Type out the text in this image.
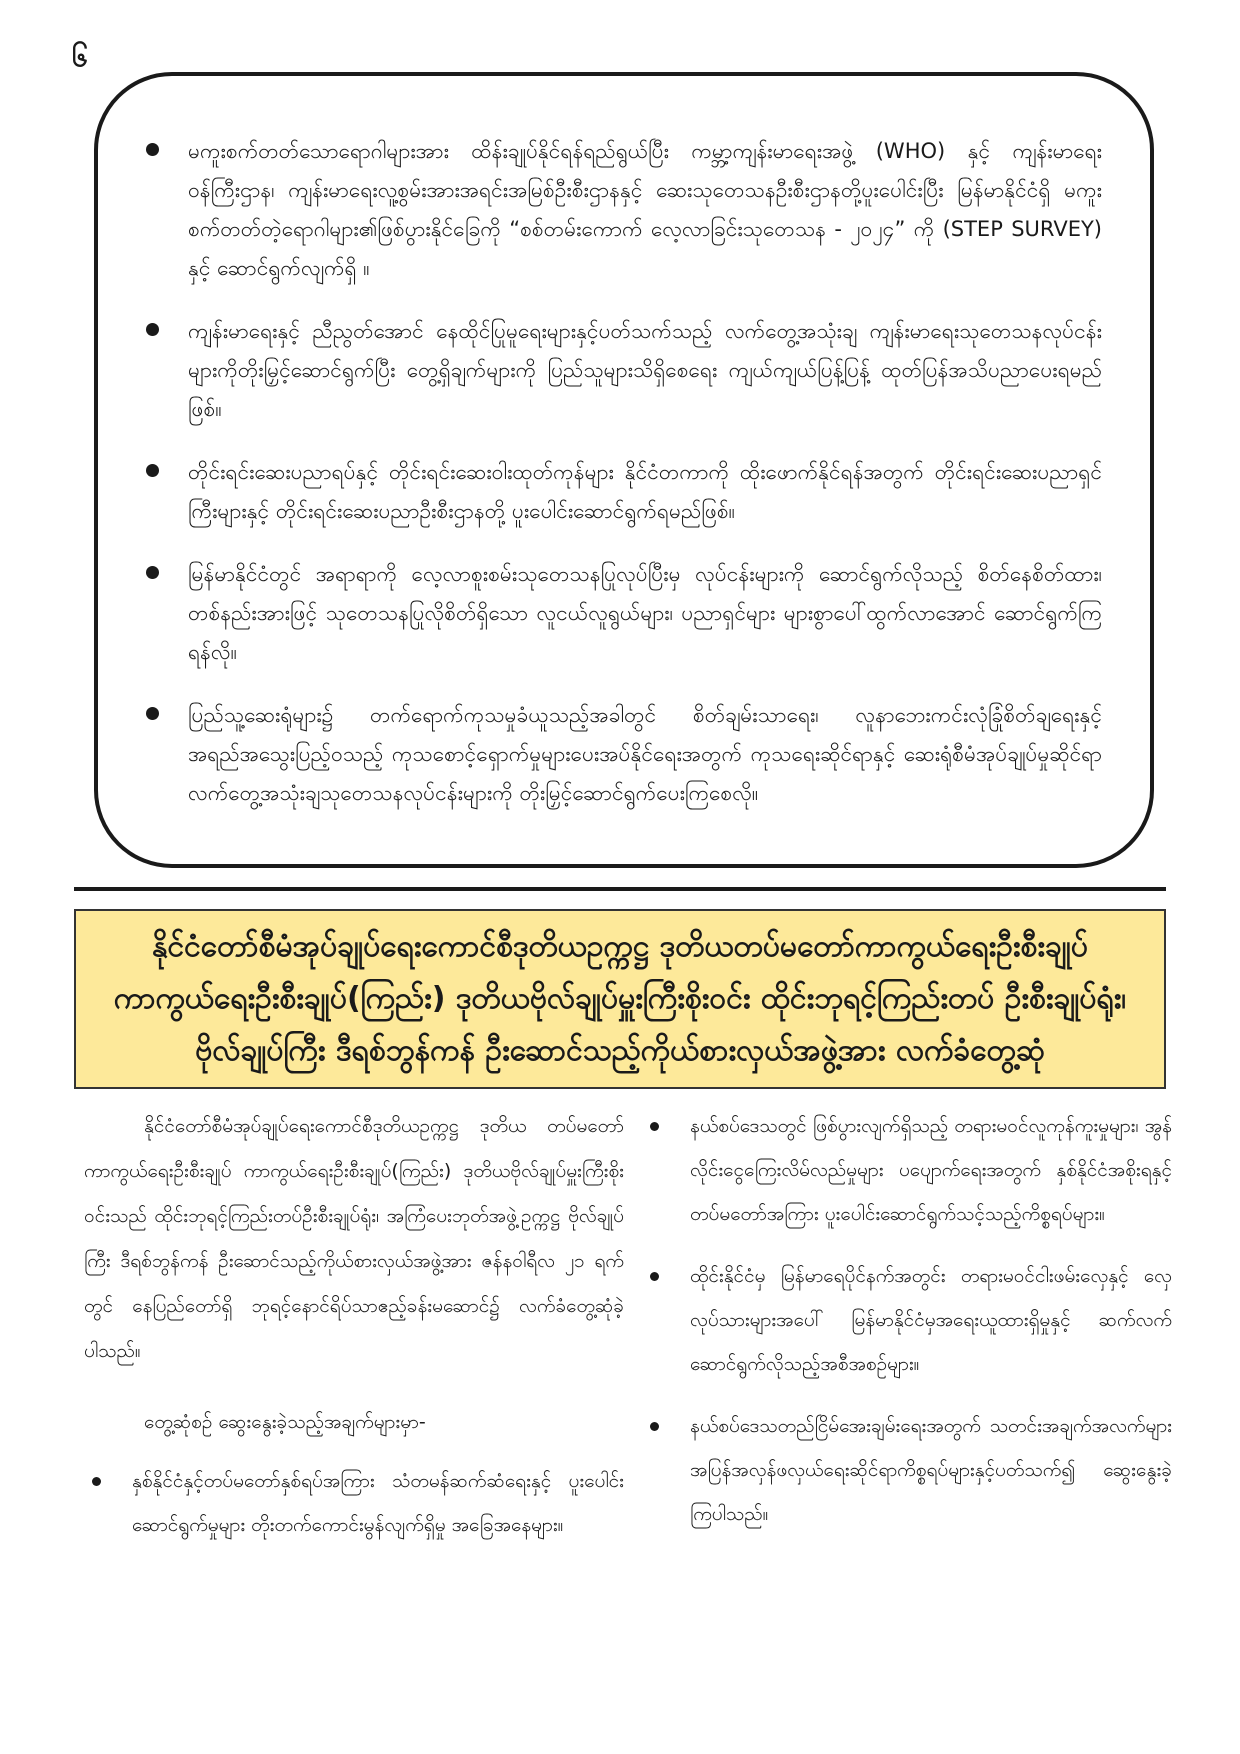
၆
မကူးစက်တတ်သောရောဂါများအား ထိန်းချုပ်နိုင်ရန်ရည်ရွယ်ပြီး ကမ္ဘာ့ကျန်းမာရေးအဖွဲ့ (WHO) နှင့် ကျန်းမာရေးဝန်ကြီးဌာန၊ ကျန်းမာရေးလူ့စွမ်းအားအရင်းအမြစ်ဦးစီးဌာနနှင့် ဆေးသုတေသနဦးစီးဌာနတို့ပူးပေါင်းပြီး မြန်မာနိုင်ငံရှိ မကူးစက်တတ်တဲ့ရောဂါများ၏ဖြစ်ပွားနိုင်ခြေကို “စစ်တမ်းကောက် လေ့လာခြင်းသုတေသန - ၂၀၂၄” ကို (STEP SURVEY) နှင့် ဆောင်ရွက်လျက်ရှိ ။
ကျန်းမာရေးနှင့် ညီညွတ်အောင် နေထိုင်ပြုမူရေးများနှင့်ပတ်သက်သည့် လက်တွေ့အသုံးချ ကျန်းမာရေးသုတေသနလုပ်ငန်းများကိုတိုးမြှင့်ဆောင်ရွက်ပြီး တွေ့ရှိချက်များကို ပြည်သူများသိရှိစေရေး ကျယ်ကျယ်ပြန့်ပြန့် ထုတ်ပြန်အသိပညာပေးရမည်ဖြစ်။
တိုင်းရင်းဆေးပညာရပ်နှင့် တိုင်းရင်းဆေးဝါးထုတ်ကုန်များ နိုင်ငံတကာကို ထိုးဖောက်နိုင်ရန်အတွက် တိုင်းရင်းဆေးပညာရှင်ကြီးများနှင့် တိုင်းရင်းဆေးပညာဦးစီးဌာနတို့ ပူးပေါင်းဆောင်ရွက်ရမည်ဖြစ်။
မြန်မာနိုင်ငံတွင် အရာရာကို လေ့လာစူးစမ်းသုတေသနပြုလုပ်ပြီးမှ လုပ်ငန်းများကို ဆောင်ရွက်လိုသည့် စိတ်နေစိတ်ထား၊ တစ်နည်းအားဖြင့် သုတေသနပြုလိုစိတ်ရှိသော လူငယ်လူရွယ်များ၊ ပညာရှင်များ များစွာပေါ်ထွက်လာအောင် ဆောင်ရွက်ကြရန်လို။
ပြည်သူ့ဆေးရုံများ၌ တက်ရောက်ကုသမှုခံယူသည့်အခါတွင် စိတ်ချမ်းသာရေး၊ လူနာဘေးကင်းလုံခြုံစိတ်ချရေးနှင့် အရည်အသွေးပြည့်ဝသည့် ကုသစောင့်ရှောက်မှုများပေးအပ်နိုင်ရေးအတွက် ကုသရေးဆိုင်ရာနှင့် ဆေးရုံစီမံအုပ်ချုပ်မှုဆိုင်ရာ လက်တွေ့အသုံးချသုတေသနလုပ်ငန်းများကို တိုးမြှင့်ဆောင်ရွက်ပေးကြစေလို။
နိုင်ငံတော်စီမံအုပ်ချုပ်ရေးကောင်စီဒုတိယဥက္ကဋ္ဌ ဒုတိယတပ်မတော်ကာကွယ်ရေးဦးစီးချုပ်
ကာကွယ်ရေးဦးစီးချုပ်(ကြည်း) ဒုတိယဗိုလ်ချုပ်မှူးကြီးစိုးဝင်း ထိုင်းဘုရင့်ကြည်းတပ် ဦးစီးချုပ်ရုံး၊
ဗိုလ်ချုပ်ကြီး ဒီရစ်ဘွန်ကန် ဦးဆောင်သည့်ကိုယ်စားလှယ်အဖွဲ့အား လက်ခံတွေ့ဆုံ

နိုင်ငံတော်စီမံအုပ်ချုပ်ရေးကောင်စီဒုတိယဥက္ကဋ္ဌ ဒုတိယ တပ်မတော်ကာကွယ်ရေးဦးစီးချုပ် ကာကွယ်ရေးဦးစီးချုပ်(ကြည်း) ဒုတိယဗိုလ်ချုပ်မှူးကြီးစိုးဝင်းသည် ထိုင်းဘုရင့်ကြည်းတပ်ဦးစီးချုပ်ရုံး၊ အကြံပေးဘုတ်အဖွဲ့ဥက္ကဋ္ဌ ဗိုလ်ချုပ်ကြီး ဒီရစ်ဘွန်ကန် ဦးဆောင်သည့်ကိုယ်စားလှယ်အဖွဲ့အား ဇန်နဝါရီလ ၂၁ ရက်တွင် နေပြည်တော်ရှိ ဘုရင့်နောင်ရိပ်သာဧည့်ခန်းမဆောင်၌ လက်ခံတွေ့ဆုံခဲ့ပါသည်။

တွေ့ဆုံစဉ် ဆွေးနွေးခဲ့သည့်အချက်များမှာ-

နှစ်နိုင်ငံနှင့်တပ်မတော်နှစ်ရပ်အကြား သံတမန်ဆက်ဆံရေးနှင့် ပူးပေါင်းဆောင်ရွက်မှုများ တိုးတက်ကောင်းမွန်လျက်ရှိမှု အခြေအနေများ။
နယ်စပ်ဒေသတွင် ဖြစ်ပွားလျက်ရှိသည့် တရားမဝင်လူကုန်ကူးမှုများ၊ အွန်လိုင်းငွေကြေးလိမ်လည်မှုများ ပပျောက်ရေးအတွက် နှစ်နိုင်ငံအစိုးရနှင့် တပ်မတော်အကြား ပူးပေါင်းဆောင်ရွက်သင့်သည့်ကိစ္စရပ်များ။
ထိုင်းနိုင်ငံမှ မြန်မာရေပိုင်နက်အတွင်း တရားမဝင်ငါးဖမ်းလှေနှင့် လှေလုပ်သားများအပေါ် မြန်မာနိုင်ငံမှအရေးယူထားရှိမှုနှင့် ဆက်လက်ဆောင်ရွက်လိုသည့်အစီအစဉ်များ။
နယ်စပ်ဒေသတည်ငြိမ်အေးချမ်းရေးအတွက် သတင်းအချက်အလက်များ အပြန်အလှန်ဖလှယ်ရေးဆိုင်ရာကိစ္စရပ်များနှင့်ပတ်သက်၍ ဆွေးနွေးခဲ့ကြပါသည်။
